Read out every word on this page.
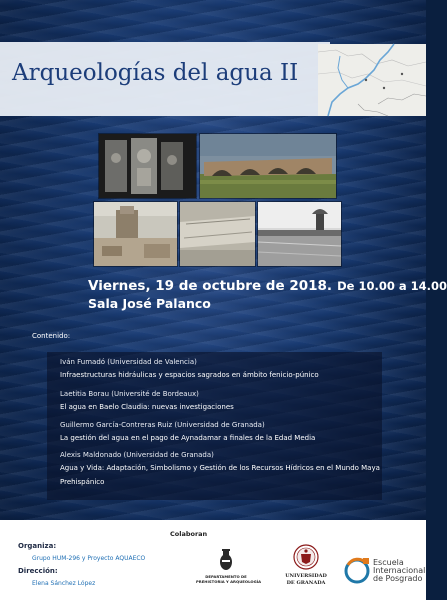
Arqueologías del agua II
Viernes, 19 de octubre de 2018. De 10.00 a 14.00
Sala José Palanco
Contenido:
Iván Fumadó (Universidad de Valencia)
Infraestructuras hidráulicas y espacios sagrados en ámbito fenicio-púnico
Laetitia Borau (Université de Bordeaux)
El agua en Baelo Claudia: nuevas investigaciones
Guillermo García-Contreras Ruiz (Universidad de Granada)
La gestión del agua en el pago de Aynadamar a finales de la Edad Media
Alexis Maldonado (Universidad de Granada)
Agua y Vida: Adaptación, Simbolismo y Gestión de los Recursos Hídricos en el Mundo Maya
Prehispánico
Organiza:
Grupo HUM-296 y Proyecto AQUAECO
Dirección:
Elena Sánchez López
Colaboran
DEPARTAMENTO DE
PREHISTORIA Y ARQUEOLOGÍA
UNIVERSIDAD
DE GRANADA
Escuela
Internacional
de Posgrado
